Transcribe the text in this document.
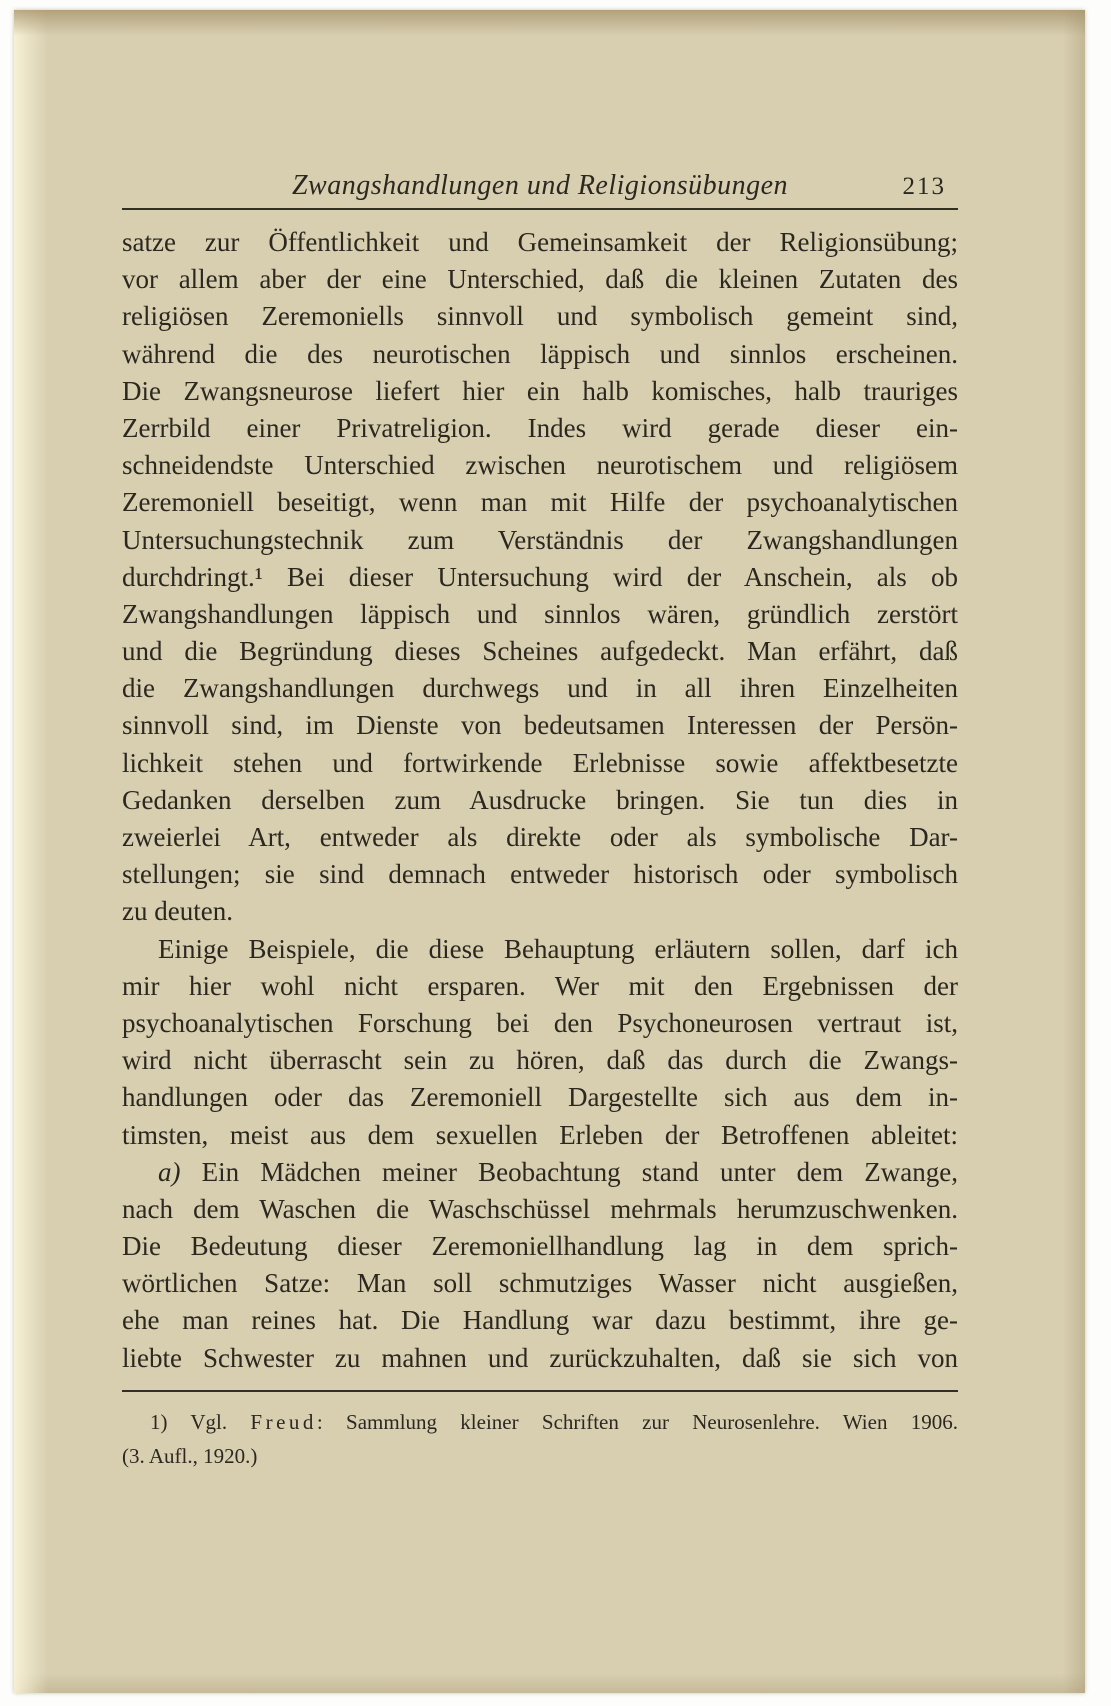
Zwangshandlungen und Religionsübungen	213
satze zur Öffentlichkeit und Gemeinsamkeit der Religionsübung;
vor allem aber der eine Unterschied, daß die kleinen Zutaten des
religiösen Zeremoniells sinnvoll und symbolisch gemeint sind,
während die des neurotischen läppisch und sinnlos erscheinen.
Die Zwangsneurose liefert hier ein halb komisches, halb trauriges
Zerrbild einer Privatreligion. Indes wird gerade dieser ein-
schneidendste Unterschied zwischen neurotischem und religiösem
Zeremoniell beseitigt, wenn man mit Hilfe der psychoanalytischen
Untersuchungstechnik zum Verständnis der Zwangshandlungen
durchdringt.¹ Bei dieser Untersuchung wird der Anschein, als ob
Zwangshandlungen läppisch und sinnlos wären, gründlich zerstört
und die Begründung dieses Scheines aufgedeckt. Man erfährt, daß
die Zwangshandlungen durchwegs und in all ihren Einzelheiten
sinnvoll sind, im Dienste von bedeutsamen Interessen der Persön-
lichkeit stehen und fortwirkende Erlebnisse sowie affektbesetzte
Gedanken derselben zum Ausdrucke bringen. Sie tun dies in
zweierlei Art, entweder als direkte oder als symbolische Dar-
stellungen; sie sind demnach entweder historisch oder symbolisch
zu deuten.
Einige Beispiele, die diese Behauptung erläutern sollen, darf ich
mir hier wohl nicht ersparen. Wer mit den Ergebnissen der
psychoanalytischen Forschung bei den Psychoneurosen vertraut ist,
wird nicht überrascht sein zu hören, daß das durch die Zwangs-
handlungen oder das Zeremoniell Dargestellte sich aus dem in-
timsten, meist aus dem sexuellen Erleben der Betroffenen ableitet:
a) Ein Mädchen meiner Beobachtung stand unter dem Zwange,
nach dem Waschen die Waschschüssel mehrmals herumzuschwenken.
Die Bedeutung dieser Zeremoniellhandlung lag in dem sprich-
wörtlichen Satze: Man soll schmutziges Wasser nicht ausgießen,
ehe man reines hat. Die Handlung war dazu bestimmt, ihre ge-
liebte Schwester zu mahnen und zurückzuhalten, daß sie sich von
1) Vgl. Freud: Sammlung kleiner Schriften zur Neurosenlehre. Wien 1906.
(3. Aufl., 1920.)
